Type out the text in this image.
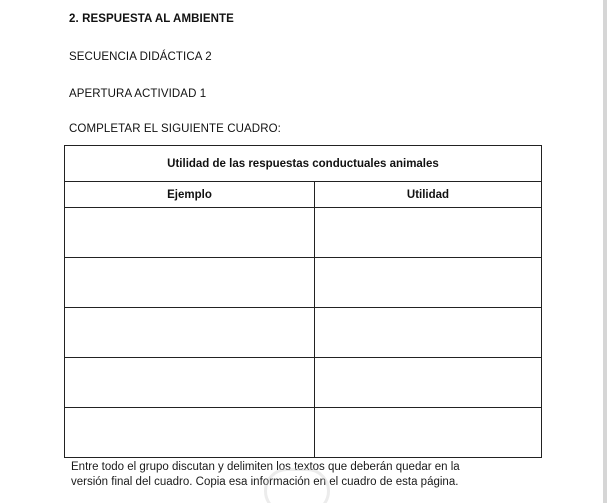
2. RESPUESTA AL AMBIENTE
SECUENCIA DIDÁCTICA 2
APERTURA ACTIVIDAD 1
COMPLETAR EL SIGUIENTE CUADRO:
Utilidad de las respuestas conductuales animales	
Ejemplo	Utilidad

Entre todo el grupo discutan y delimiten los textos que deberán quedar en la
versión final del cuadro. Copia esa información en el cuadro de esta página.
